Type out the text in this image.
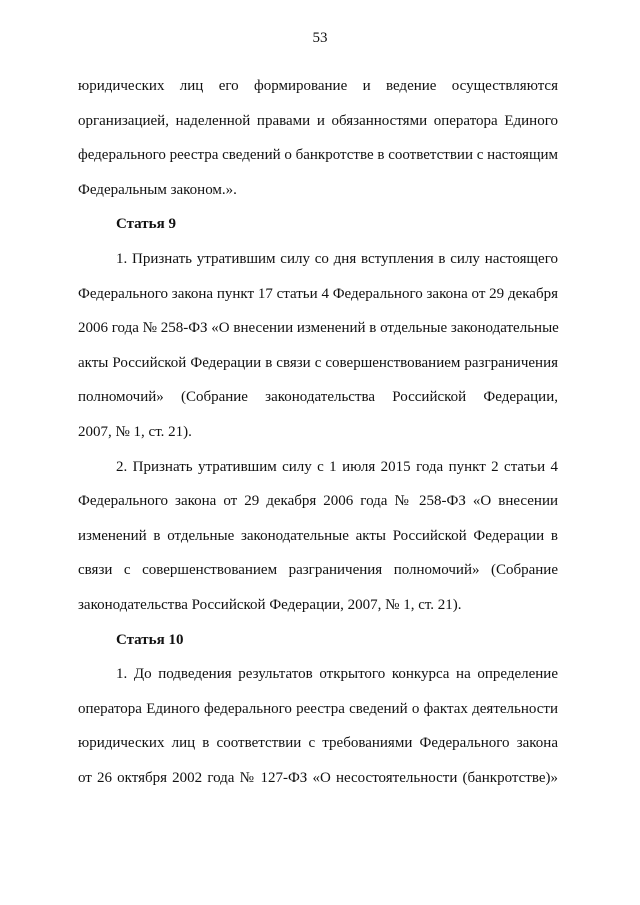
53

юридических лиц его формирование и ведение осуществляются
организацией, наделенной правами и обязанностями оператора Единого
федерального реестра сведений о банкротстве в соответствии с настоящим
Федеральным законом.».

Статья 9

1. Признать утратившим силу со дня вступления в силу настоящего
Федерального закона пункт 17 статьи 4 Федерального закона от 29 декабря
2006 года № 258-ФЗ «О внесении изменений в отдельные законодательные
акты Российской Федерации в связи с совершенствованием разграничения
полномочий» (Собрание законодательства Российской Федерации,
2007, № 1, ст. 21).

2. Признать утратившим силу с 1 июля 2015 года пункт 2 статьи 4
Федерального закона от 29 декабря 2006 года № 258-ФЗ «О внесении
изменений в отдельные законодательные акты Российской Федерации в
связи с совершенствованием разграничения полномочий» (Собрание
законодательства Российской Федерации, 2007, № 1, ст. 21).

Статья 10

1. До подведения результатов открытого конкурса на определение
оператора Единого федерального реестра сведений о фактах деятельности
юридических лиц в соответствии с требованиями Федерального закона
от 26 октября 2002 года № 127-ФЗ «О несостоятельности (банкротстве)»
